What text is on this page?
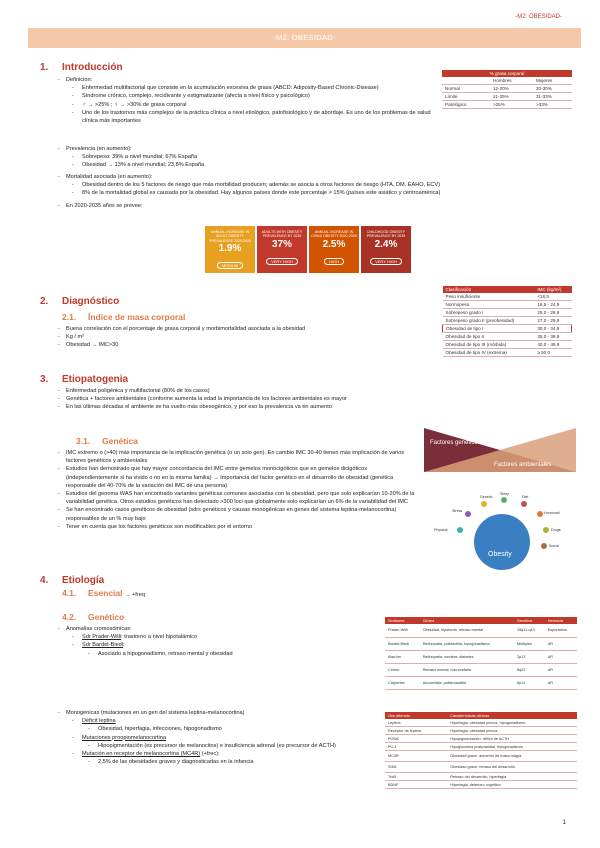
-M2: OBESIDAD-
-M2: OBESIDAD-
1. Introducción
- Definición:
- Enfermedad multifactorial que consiste en la acumulación excesiva de grasa (ABCD: Adiposity-Based Chronic-Disease)
- Síndrome crónico, complejo, recidivante y estigmatizante (afecta a nivel físico y psicológico)
- ♂ → >25% ; ♀ → >30% de grasa corporal
- Uno de los trastornos más complejos de la práctica clínica a nivel etiológico, patofisiológico y de abordaje. Es uno de los problemas de salud clínica más importantes
- Prevalencia (en aumento):
- Sobrepeso: 39% a nivel mundial; 67% España
- Obesidad → 13% a nivel mundial; 23,8% España
- Mortalidad asociada (en aumento):
- Obesidad dentro de los 5 factores de riesgo que más morbilidad producen; además se asocia a otros factores de riesgo (HTA, DM, EAHO, ECV)
- 8% de la mortalidad global es causada por la obesidad. Hay algunos países donde este porcentaje > 15% (países este asiático y centroamérica)
- En 2020-2035 años se prevee:
ANNUAL INCREASE IN ADULT OBESITY PREVALENCE 2020-2035
1.9%
MEDIUM
ADULTS WITH OBESITY PREVALENCE BY 2035
37%
VERY HIGH
ANNUAL INCREASE IN CHILD OBESITY 2020-2035
2.5%
HIGH
CHILDHOOD OBESITY PREVALENCE BY 2035
2.4%
VERY HIGH
% grasa corporal		
	Hombres	Mujeres
Normal	12-20%	20-30%
Límite	21-25%	31-33%
Patológico	>25%	>33%
2. Diagnóstico
2.1. Índice de masa corporal
- Buena correlación con el porcentaje de grasa corporal y morbimortalidad asociada a la obesidad
- Kg / m²
- Obesidad → IMC>30
Clasificación	IMC (kg/m²)
Peso insuficiente	<18,5
Normopeso	18,5 - 24,9
Sobrepeso grado I	25,0 - 26,9
Sobrepeso grado II (preobesidad)	27,0 - 29,9
Obesidad de tipo I	30,0 - 34,9
Obesidad de tipo II	35,0 - 39,9
Obesidad de tipo III (mórbida)	40,0 - 49,9
Obesidad de tipo IV (extrema)	≥ 50,0
3. Etiopatogenia
- Enfermedad poligénica y multifactorial (80% de los casos)
- Genética + factores ambientales (conforme aumenta la edad la importancia de los factores ambientales es mayor
- En las últimas décadas el ambiente se ha vuelto más obesogénico, y por eso la prevalencia va en aumento
3.1. Genética
- IMC extremo o (>40) más importancia de la implicación genética (o un solo gen). En cambio IMC 30-40 tienen más implicación de varios factores genéticos y ambientales
- Estudios han demostrado que hay mayor concordancia del IMC entre gemelos monocigóticos que en gemelos dicigóticos (independientemente si ha vivido o no en la misma familia) → Importancia del factor genético en el desarrollo de obesidad (genética responsable del 40-70% de la variación del IMC de una persona)
- Estudios del genoma WAS han encontrado variantes genéticas comunes asociadas con la obesidad, pero que solo explicarían 10-20% de la variabilidad genética. Otros estudios genéticos han detectado >300 loci que globalmente solo explicarían un 6% de la variabilidad del IMC
- Se han encontrado casos genéticos de obesidad (sdrs genéticos y causas monogénicas en genes del sistema leptina-melanocortina) responsables de un % muy bajo
- Tener en cuenta que los factores genéticos son modificables por el entorno
Factores genéticos
Factores ambientales
Obesity
Genetic
Sleep
Diet
Stress	Hormonal
Physical	Drugs
Social
4. Etiología
4.1. Esencial → +freq
4.2. Genético
- Anomalías cromosómicas:
- Sdr Prader-Willi: trastorno a nivel hipotalámico
- Sdr Bardet-Biedl:
- Asociado a hipogonadismo, retraso mental y obesidad
- Monogénicas (mutaciones en un gen del sistema leptina-melanocortina)
- Déficit leptina
- Obesidad, hiperfagia, infecciones, hipogonadismo
- Mutaciones proopiomelanocortina
- Hipopigmentación (es precursor de melanocitos) e insuficiencia adrenal (es precursor de ACTH)
- Mutación en receptor de melanocortina (MC4R) (+frec):
- 2,5% de las obesidades graves y diagnosticadas en la infancia
Síndrome	Clínica	Genética	Herencia
Prader-Willi	Obesidad, hipotonía, retraso mental	15q11-q13	Esporádica
Bardet-Biedl	Retinopatía, polidactilia, hipogonadismo	Múltiples	AR
Alström	Retinopatía, sordera, diabetes	2p13	AR
Cohen	Retraso mental, microcefalia	8q22	AR
Carpenter	Acrocefalia, polisindactilia	6p11	AR
Gen alterado	Características clínicas
Leptina	Hiperfagia, obesidad precoz, hipogonadismo
Receptor de leptina	Hiperfagia, obesidad precoz
POMC	Hipopigmentación, déficit de ACTH
PC-1	Hipoglucemia postprandial, hipogonadismo
MC4R	Obesidad grave, aumento de masa magra
SIM1	Obesidad grave, retraso del desarrollo
TrkB	Retraso del desarrollo, hiperfagia
BDNF	Hiperfagia, deterioro cognitivo
1
